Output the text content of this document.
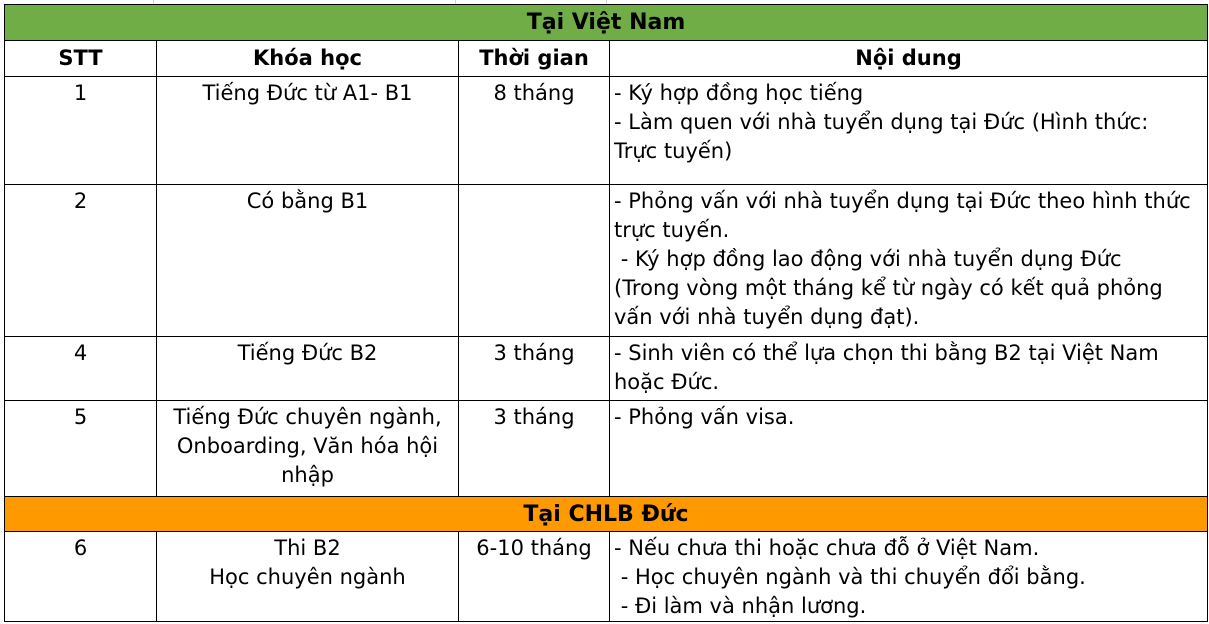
Tại Việt Nam			
STT	Khóa học	Thời gian	Nội dung
1	Tiếng Đức từ A1- B1	8 tháng	- Ký hợp đồng học tiếng
- Làm quen với nhà tuyển dụng tại Đức (Hình thức:
Trực tuyến)

2	Có bằng B1		- Phỏng vấn với nhà tuyển dụng tại Đức theo hình thức
trực tuyến.
- Ký hợp đồng lao động với nhà tuyển dụng Đức
(Trong vòng một tháng kể từ ngày có kết quả phỏng
vấn với nhà tuyển dụng đạt).

4	Tiếng Đức B2	3 tháng	- Sinh viên có thể lựa chọn thi bằng B2 tại Việt Nam
hoặc Đức.

5	Tiếng Đức chuyên ngành,
Onboarding, Văn hóa hội
nhập	3 tháng	- Phỏng vấn visa.

Tại CHLB Đức			
6	Thi B2
Học chuyên ngành	6-10 tháng	- Nếu chưa thi hoặc chưa đỗ ở Việt Nam.
- Học chuyên ngành và thi chuyển đổi bằng.
- Đi làm và nhận lương.
